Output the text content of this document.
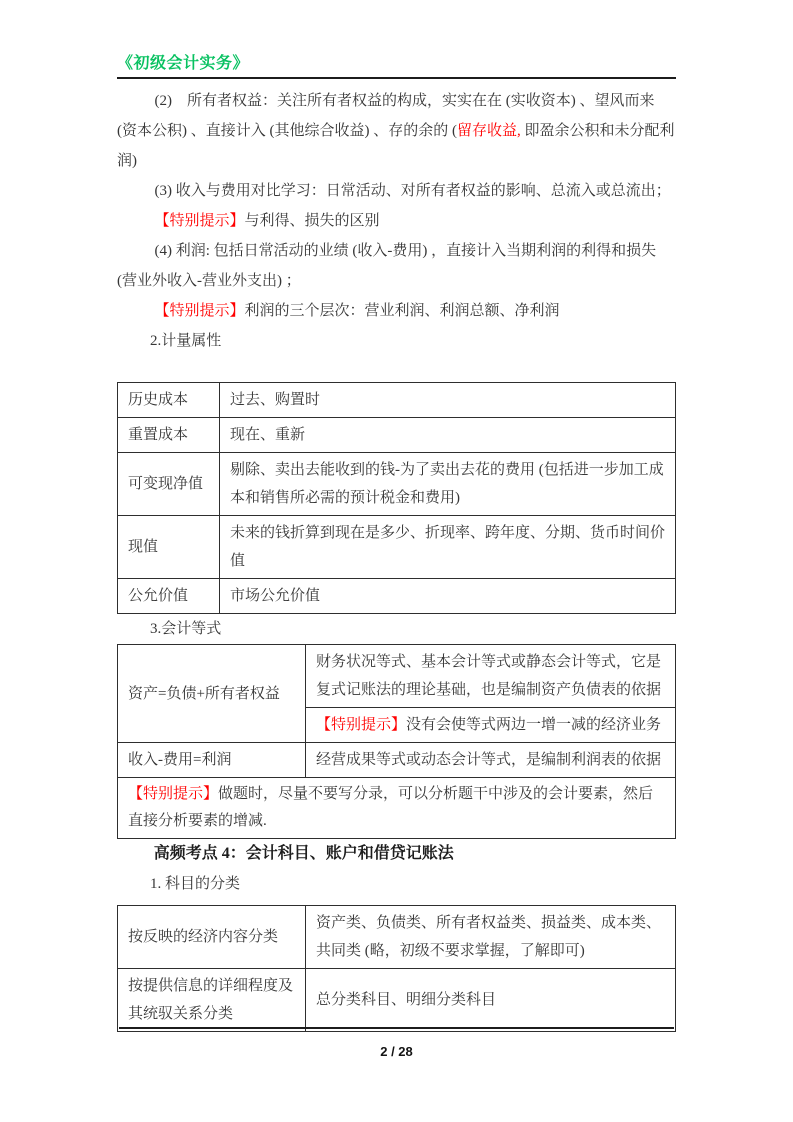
《初级会计实务》

(2)　所有者权益：关注所有者权益的构成，实实在在 (实收资本) 、望风而来 (资本公积) 、直接计入 (其他综合收益) 、存的余的 (留存收益, 即盈余公积和未分配利润)

(3) 收入与费用对比学习：日常活动、对所有者权益的影响、总流入或总流出；

【特别提示】与利得、损失的区别

(4) 利润: 包括日常活动的业绩 (收入-费用) ，直接计入当期利润的利得和损失 (营业外收入-营业外支出) ；

【特别提示】利润的三个层次：营业利润、利润总额、净利润

2.计量属性

历史成本	过去、购置时
重置成本	现在、重新
可变现净值	剔除、卖出去能收到的钱-为了卖出去花的费用 (包括进一步加工成本和销售所必需的预计税金和费用)
现值	未来的钱折算到现在是多少、折现率、跨年度、分期、货币时间价值
公允价值	市场公允价值

3.会计等式

资产=负债+所有者权益	财务状况等式、基本会计等式或静态会计等式，它是复式记账法的理论基础，也是编制资产负债表的依据
	【特别提示】没有会使等式两边一增一减的经济业务
收入-费用=利润	经营成果等式或动态会计等式，是编制利润表的依据
【特别提示】做题时，尽量不要写分录，可以分析题干中涉及的会计要素，然后直接分析要素的增减.	

高频考点 4：会计科目、账户和借贷记账法

1. 科目的分类

按反映的经济内容分类	资产类、负债类、所有者权益类、损益类、成本类、共同类 (略，初级不要求掌握，了解即可)
按提供信息的详细程度及其统驭关系分类	总分类科目、明细分类科目
2 / 28
